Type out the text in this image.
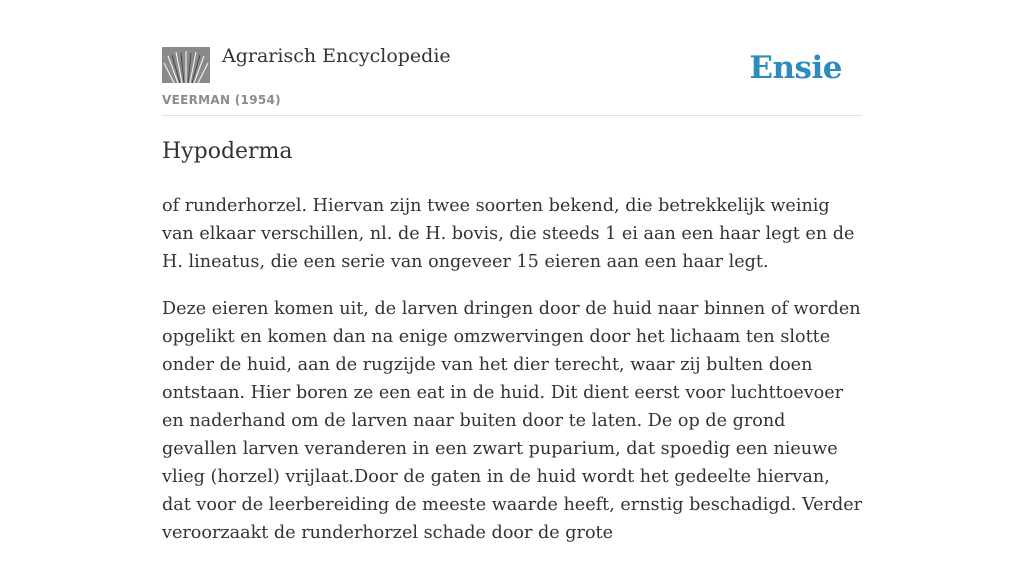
Agrarisch Encyclopedie
VEERMAN (1954)
Ensie
Hypoderma

of runderhorzel. Hiervan zijn twee soorten bekend, die betrekkelijk weinig van elkaar verschillen, nl. de H. bovis, die steeds 1 ei aan een haar legt en de H. lineatus, die een serie van ongeveer 15 eieren aan een haar legt.

Deze eieren komen uit, de larven dringen door de huid naar binnen of worden opgelikt en komen dan na enige omzwervingen door het lichaam ten slotte onder de huid, aan de rugzijde van het dier terecht, waar zij bulten doen ontstaan. Hier boren ze een eat in de huid. Dit dient eerst voor luchttoevoer en naderhand om de larven naar buiten door te laten. De op de grond gevallen larven veranderen in een zwart puparium, dat spoedig een nieuwe vlieg (horzel) vrijlaat.Door de gaten in de huid wordt het gedeelte hiervan, dat voor de leerbereiding de meeste waarde heeft, ernstig beschadigd. Verder veroorzaakt de runderhorzel schade door de grote
